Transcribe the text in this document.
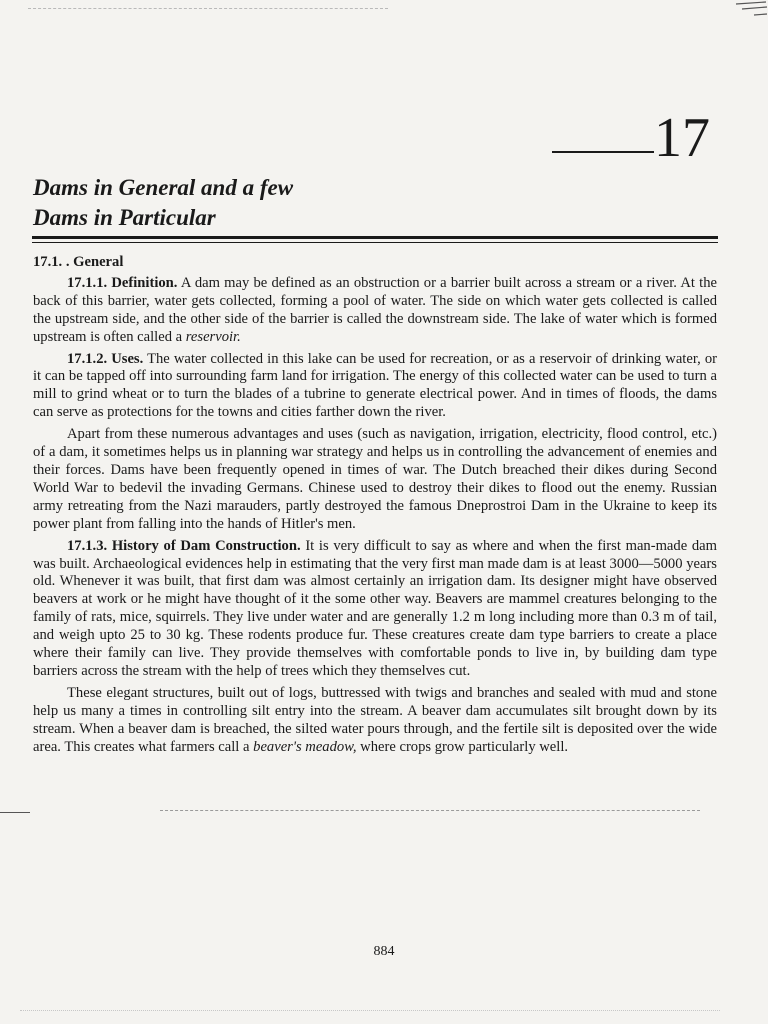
17
Dams in General and a few
Dams in Particular

17.1. . General

17.1.1. Definition. A dam may be defined as an obstruction or a barrier built across a stream or a river. At the back of this barrier, water gets collected, forming a pool of water. The side on which water gets collected is called the upstream side, and the other side of the barrier is called the downstream side. The lake of water which is formed upstream is often called a reservoir.

17.1.2. Uses. The water collected in this lake can be used for recreation, or as a reservoir of drinking water, or it can be tapped off into surrounding farm land for irrigation. The energy of this collected water can be used to turn a mill to grind wheat or to turn the blades of a tubrine to generate electrical power. And in times of floods, the dams can serve as protections for the towns and cities farther down the river.

Apart from these numerous advantages and uses (such as navigation, irrigation, electricity, flood control, etc.) of a dam, it sometimes helps us in planning war strategy and helps us in controlling the advancement of enemies and their forces. Dams have been frequently opened in times of war. The Dutch breached their dikes during Second World War to bedevil the invading Germans. Chinese used to destroy their dikes to flood out the enemy. Russian army retreating from the Nazi marauders, partly destroyed the famous Dneprostroi Dam in the Ukraine to keep its power plant from falling into the hands of Hitler's men.

17.1.3. History of Dam Construction. It is very difficult to say as where and when the first man-made dam was built. Archaeological evidences help in estimating that the very first man made dam is at least 3000—5000 years old. Whenever it was built, that first dam was almost certainly an irrigation dam. Its designer might have observed beavers at work or he might have thought of it the some other way. Beavers are mammel creatures belonging to the family of rats, mice, squirrels. They live under water and are generally 1.2 m long including more than 0.3 m of tail, and weigh upto 25 to 30 kg. These rodents produce fur. These creatures create dam type barriers to create a place where their family can live. They provide themselves with comfortable ponds to live in, by building dam type barriers across the stream with the help of trees which they themselves cut.

These elegant structures, built out of logs, buttressed with twigs and branches and sealed with mud and stone help us many a times in controlling silt entry into the stream. A beaver dam accumulates silt brought down by its stream. When a beaver dam is breached, the silted water pours through, and the fertile silt is deposited over the wide area. This creates what farmers call a beaver's meadow, where crops grow particularly well.

884
